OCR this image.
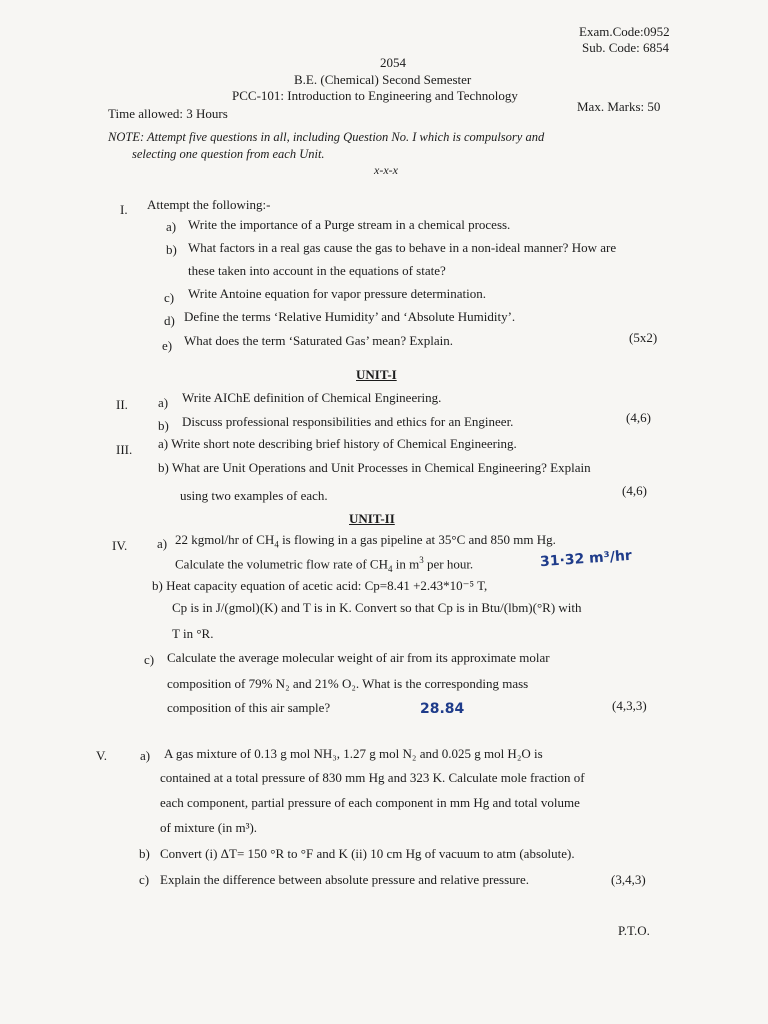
Exam.Code:0952
Sub. Code: 6854
2054
B.E. (Chemical) Second Semester
PCC-101: Introduction to Engineering and Technology
Time allowed: 3 Hours	Max. Marks: 50
NOTE: Attempt five questions in all, including Question No. I which is compulsory and
selecting one question from each Unit.
x-x-x
I. Attempt the following:-
a) Write the importance of a Purge stream in a chemical process.
b) What factors in a real gas cause the gas to behave in a non-ideal manner? How are
these taken into account in the equations of state?
c) Write Antoine equation for vapor pressure determination.
d) Define the terms ‘Relative Humidity’ and ‘Absolute Humidity’.
e) What does the term ‘Saturated Gas’ mean? Explain.	(5x2)
UNIT-I
II. a) Write AIChE definition of Chemical Engineering.
b) Discuss professional responsibilities and ethics for an Engineer.	(4,6)
III. a) Write short note describing brief history of Chemical Engineering.
b) What are Unit Operations and Unit Processes in Chemical Engineering? Explain
using two examples of each.	(4,6)
UNIT-II
IV. a) 22 kgmol/hr of $CH_4$ is flowing in a gas pipeline at 35°C and 850 mm Hg.
Calculate the volumetric flow rate of $CH_4$ in $m^3$ per hour.	31·32 m³/hr
b) Heat capacity equation of acetic acid: Cp=8.41 +2.43*10⁻⁵ T,
Cp is in J/(gmol)(K) and T is in K. Convert so that Cp is in Btu/(lbm)(°R) with
T in °R.
c) Calculate the average molecular weight of air from its approximate molar
composition of 79% N₂ and 21% O₂. What is the corresponding mass
composition of this air sample?	28.84	(4,3,3)
V.	a) A gas mixture of 0.13 g mol NH₃, 1.27 g mol N₂ and 0.025 g mol H₂O is
contained at a total pressure of 830 mm Hg and 323 K. Calculate mole fraction of
each component, partial pressure of each component in mm Hg and total volume
of mixture (in m³).
b) Convert (i) ΔT= 150 °R to °F and K (ii) 10 cm Hg of vacuum to atm (absolute).
c) Explain the difference between absolute pressure and relative pressure.	(3,4,3)
P.T.O.
